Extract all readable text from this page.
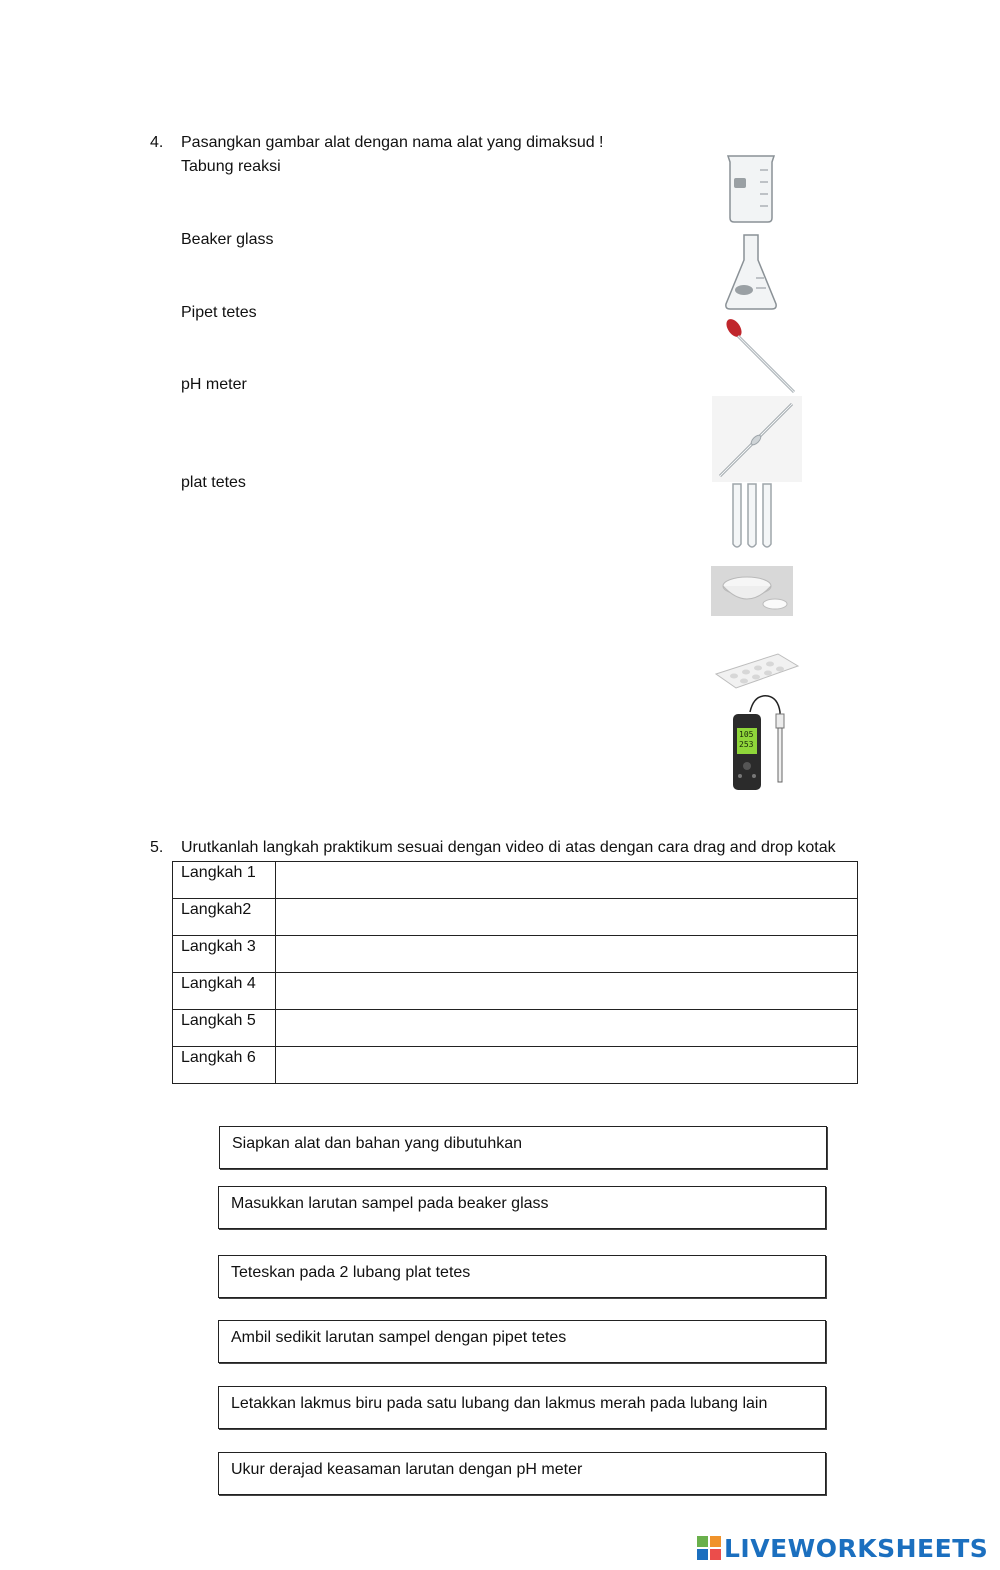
4. Pasangkan gambar alat dengan nama alat yang dimaksud !
Tabung reaksi
Beaker glass
Pipet tetes
pH meter
plat tetes
105
253
5. Urutkanlah langkah praktikum sesuai dengan video di atas dengan cara drag and drop kotak
Langkah 1	
Langkah2	
Langkah 3	
Langkah 4	
Langkah 5	
Langkah 6	
Siapkan alat dan bahan yang dibutuhkan
Masukkan larutan sampel pada beaker glass
Teteskan pada 2 lubang plat tetes
Ambil sedikit larutan sampel dengan pipet tetes
Letakkan lakmus biru pada satu lubang dan lakmus merah pada lubang lain
Ukur derajad keasaman larutan dengan pH meter
LIVEWORKSHEETS
